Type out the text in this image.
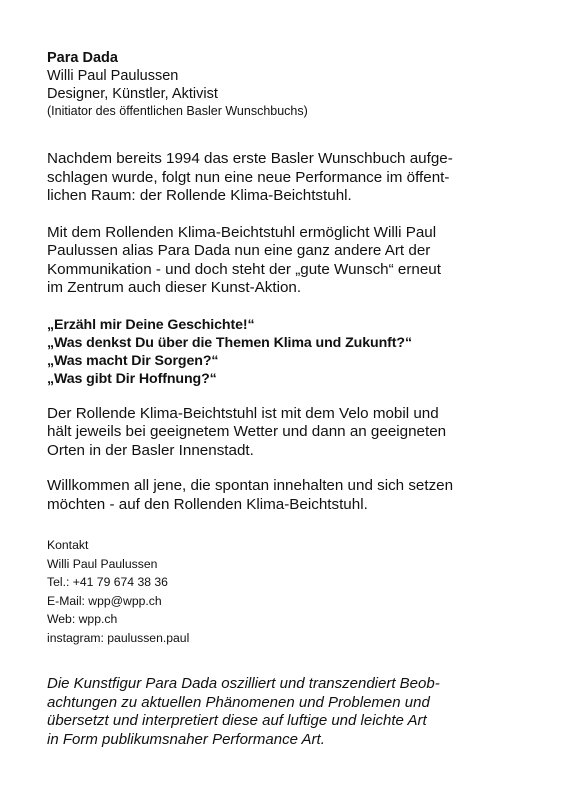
Para Dada
Willi Paul Paulussen
Designer, Künstler, Aktivist
(Initiator des öffentlichen Basler Wunschbuchs)

Nachdem bereits 1994 das erste Basler Wunschbuch aufge-
schlagen wurde, folgt nun eine neue Performance im öffent-
lichen Raum: der Rollende Klima-Beichtstuhl.

Mit dem Rollenden Klima-Beichtstuhl ermöglicht Willi Paul
Paulussen alias Para Dada nun eine ganz andere Art der
Kommunikation - und doch steht der „gute Wunsch“ erneut
im Zentrum auch dieser Kunst-Aktion.

„Erzähl mir Deine Geschichte!“
„Was denkst Du über die Themen Klima und Zukunft?“
„Was macht Dir Sorgen?“
„Was gibt Dir Hoffnung?“

Der Rollende Klima-Beichtstuhl ist mit dem Velo mobil und
hält jeweils bei geeignetem Wetter und dann an geeigneten
Orten in der Basler Innenstadt.

Willkommen all jene, die spontan innehalten und sich setzen
möchten - auf den Rollenden Klima-Beichtstuhl.

Kontakt
Willi Paul Paulussen
Tel.: +41 79 674 38 36
E-Mail: wpp@wpp.ch
Web: wpp.ch
instagram: paulussen.paul
Die Kunstfigur Para Dada oszilliert und transzendiert Beob-
achtungen zu aktuellen Phänomenen und Problemen und
übersetzt und interpretiert diese auf luftige und leichte Art
in Form publikumsnaher Performance Art.
